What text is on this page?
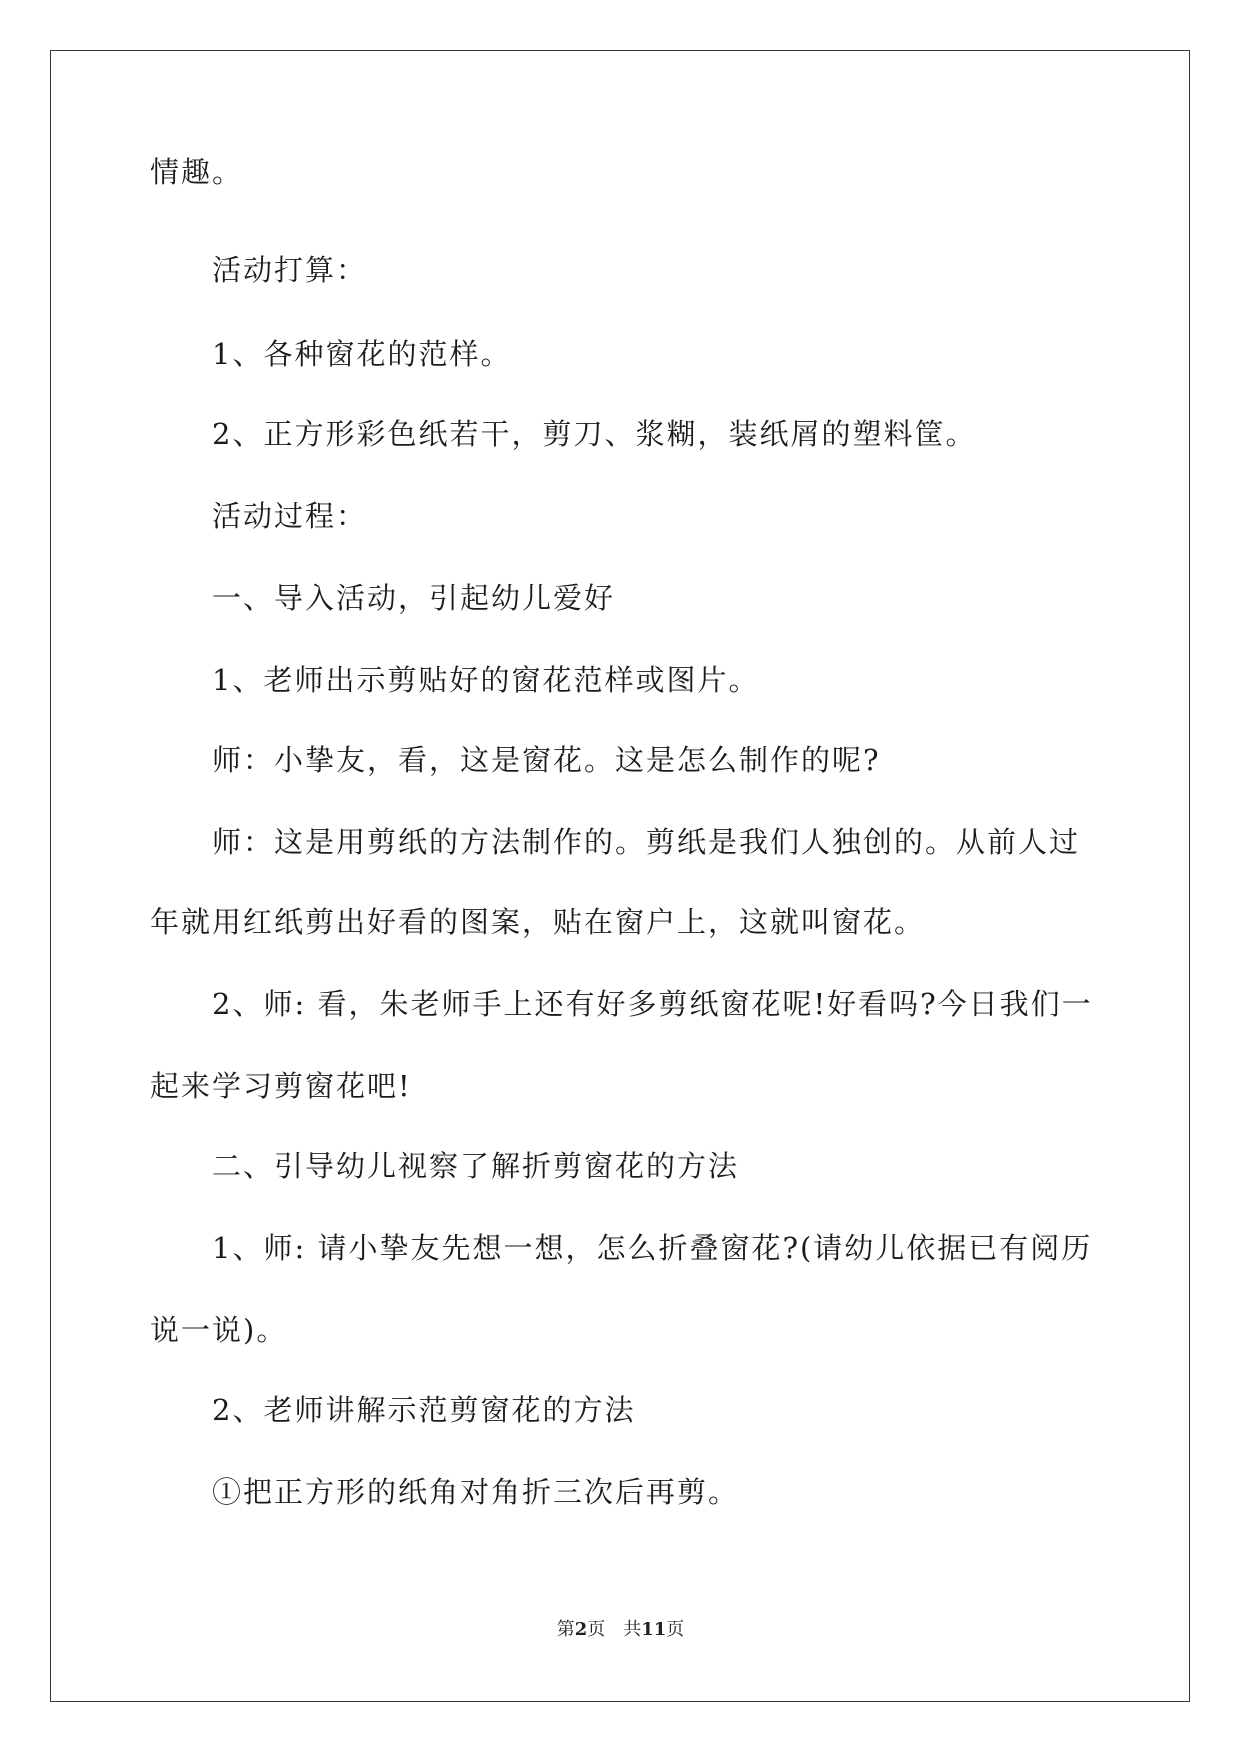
情趣。
活动打算：
1、各种窗花的范样。
2、正方形彩色纸若干，剪刀、浆糊，装纸屑的塑料筐。
活动过程：
一、导入活动，引起幼儿爱好
1、老师出示剪贴好的窗花范样或图片。
师：小挚友，看，这是窗花。这是怎么制作的呢?
师：这是用剪纸的方法制作的。剪纸是我们人独创的。从前人过
年就用红纸剪出好看的图案，贴在窗户上，这就叫窗花。
2、师: 看，朱老师手上还有好多剪纸窗花呢!好看吗?今日我们一
起来学习剪窗花吧!
二、引导幼儿视察了解折剪窗花的方法
1、师: 请小挚友先想一想，怎么折叠窗花?(请幼儿依据已有阅历
说一说)。
2、老师讲解示范剪窗花的方法
①把正方形的纸角对角折三次后再剪。
第2页　共11页
